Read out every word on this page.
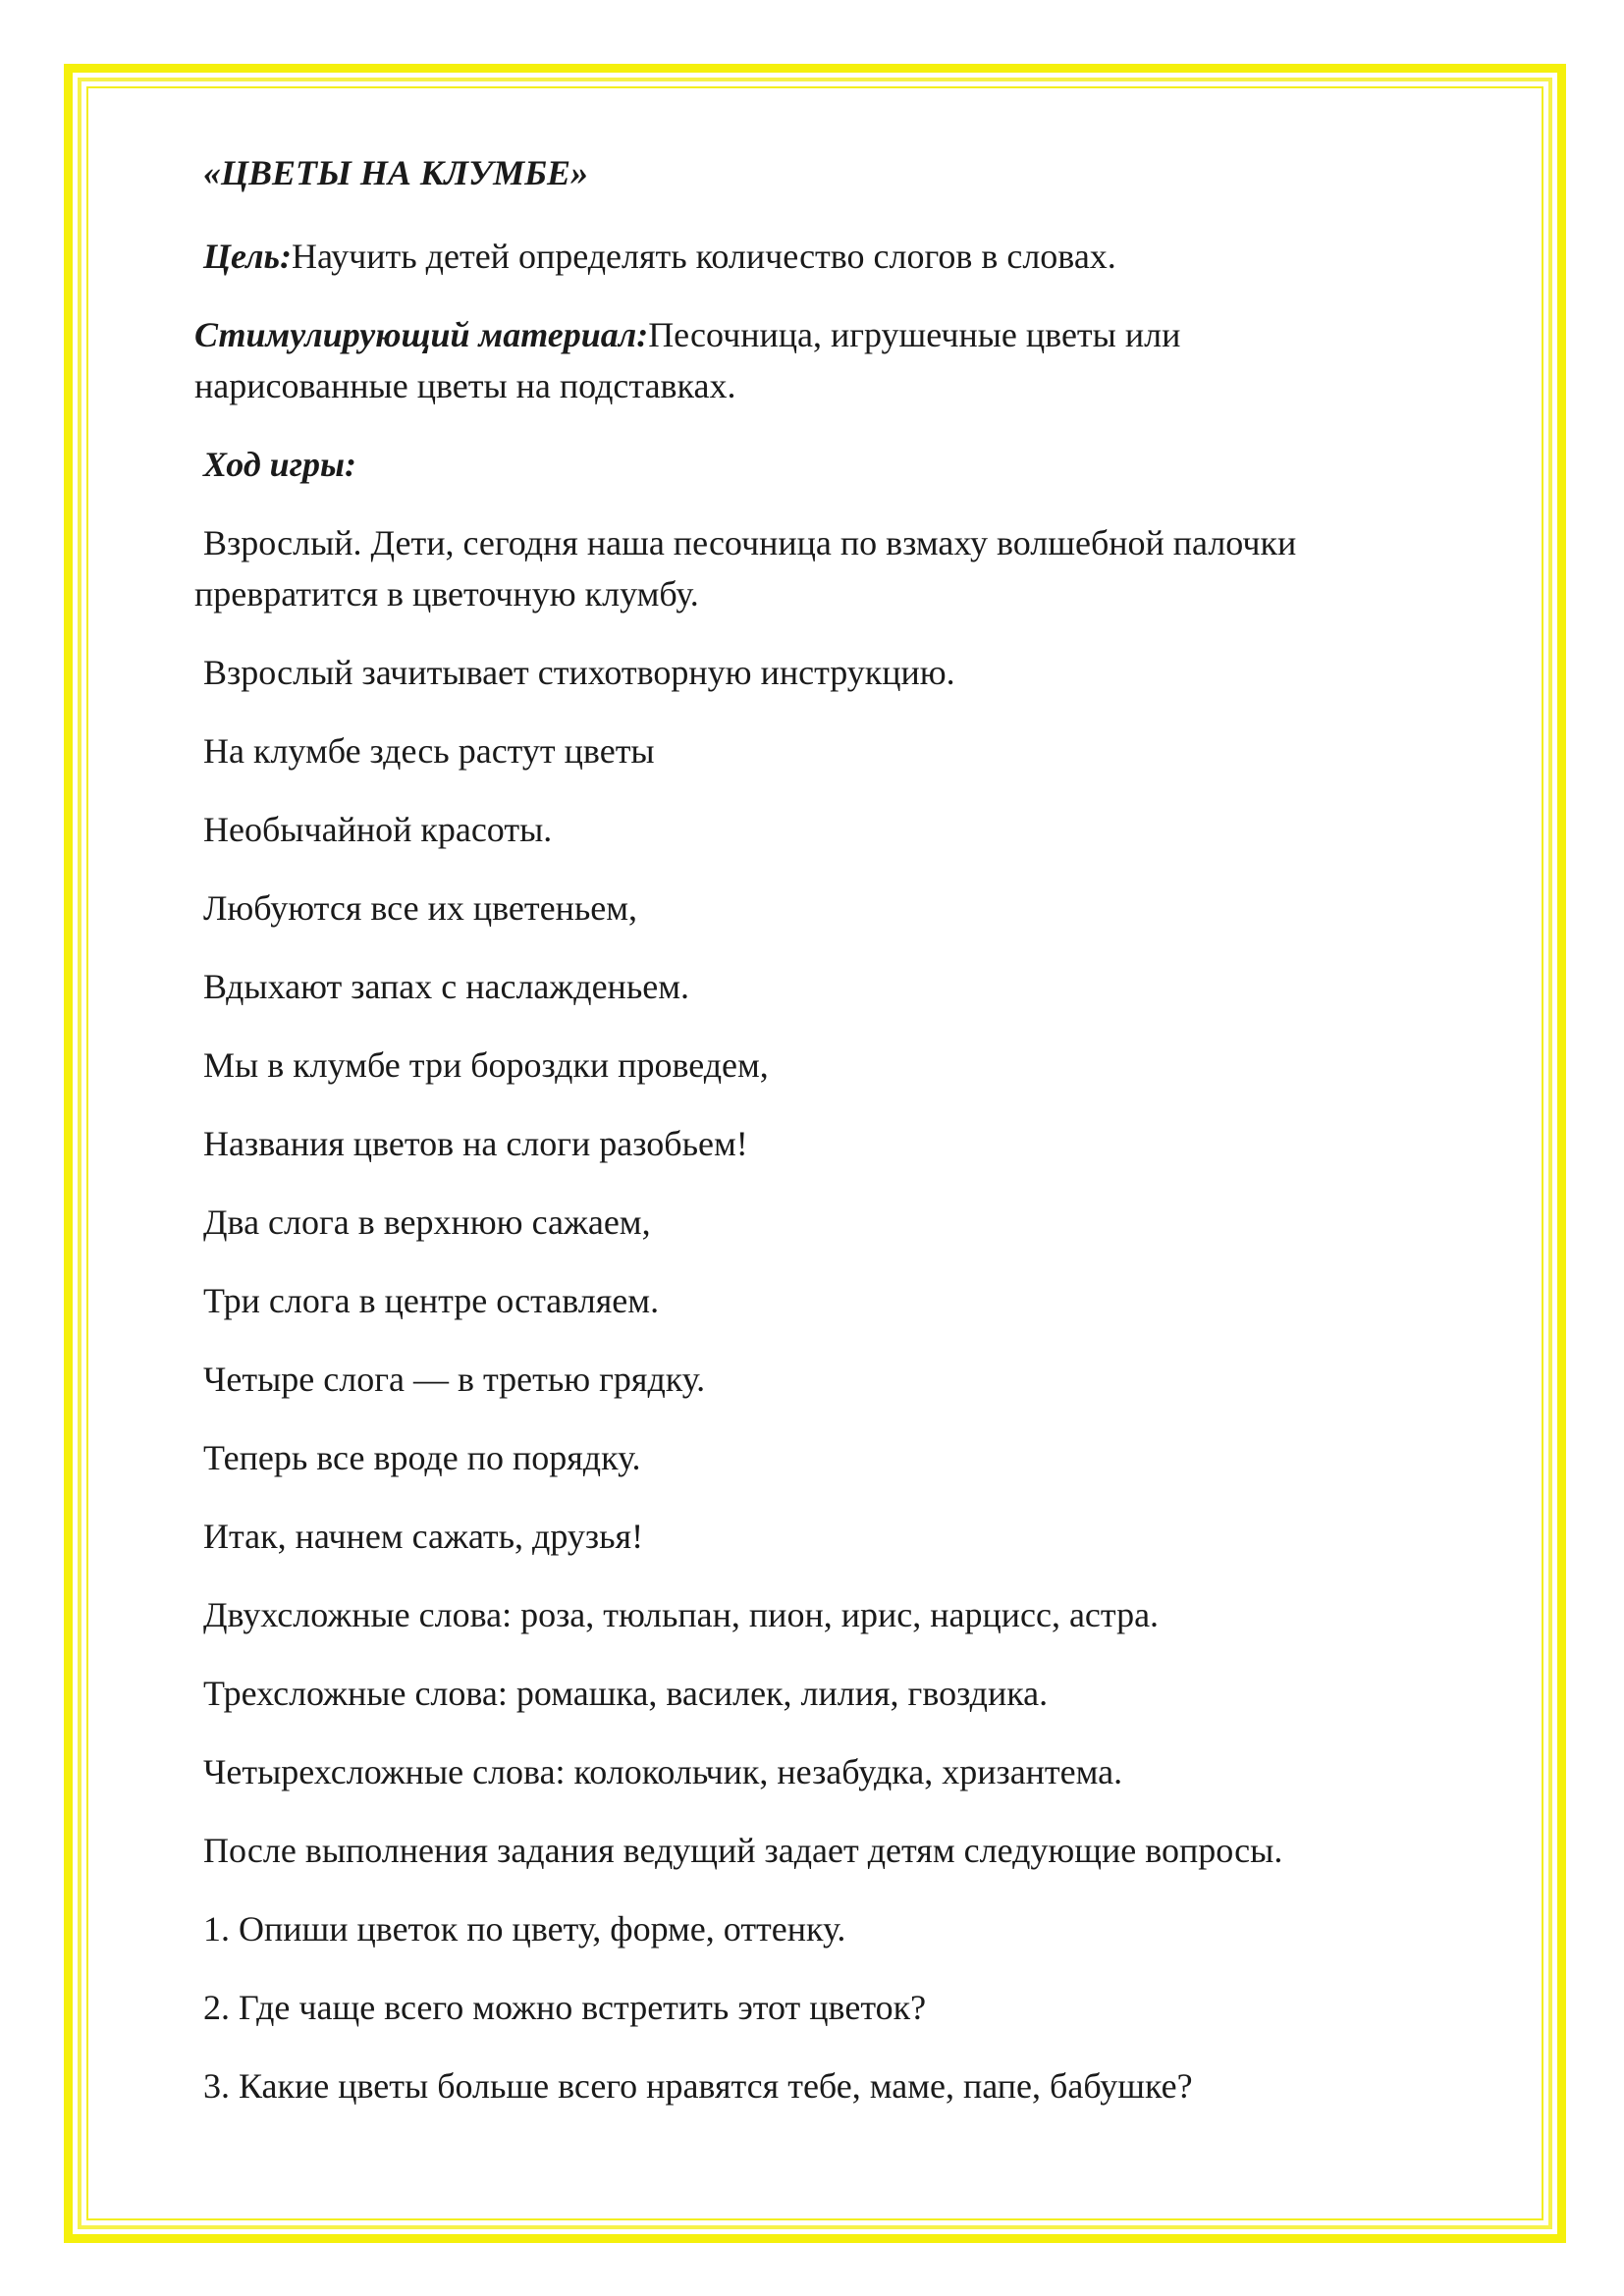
«ЦВЕТЫ НА КЛУМБЕ»

Цель:Научить детей определять количество слогов в словах.

Стимулирующий материал:Песочница, игрушечные цветы или

нарисованные цветы на подставках.

Ход игры:

Взрослый. Дети, сегодня наша песочница по взмаху волшебной палочки

превратится в цветочную клумбу.

Взрослый зачитывает стихотворную инструкцию.

На клумбе здесь растут цветы

Необычайной красоты.

Любуются все их цветеньем,

Вдыхают запах с наслажденьем.

Мы в клумбе три бороздки проведем,

Названия цветов на слоги разобьем!

Два слога в верхнюю сажаем,

Три слога в центре оставляем.

Четыре слога — в третью грядку.

Теперь все вроде по порядку.

Итак, начнем сажать, друзья!

Двухсложные слова: роза, тюльпан, пион, ирис, нарцисс, астра.

Трехсложные слова: ромашка, василек, лилия, гвоздика.

Четырехсложные слова: колокольчик, незабудка, хризантема.

После выполнения задания ведущий задает детям следующие вопросы.

1. Опиши цветок по цвету, форме, оттенку.

2. Где чаще всего можно встретить этот цветок?

3. Какие цветы больше всего нравятся тебе, маме, папе, бабушке?
